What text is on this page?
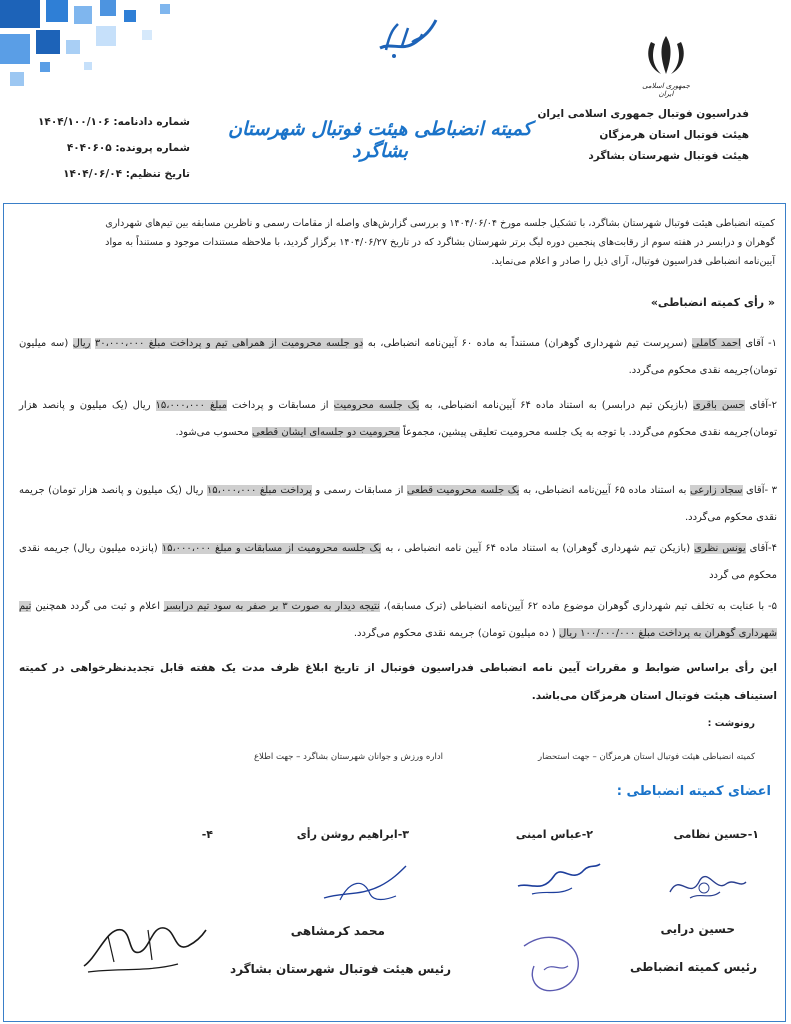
جمهوری اسلامی ایران
فدراسیون فوتبال جمهوری اسلامی ایران
هیئت فوتبال استان هرمزگان
هیئت فوتبال شهرستان بشاگرد
کمیته انضباطی هیئت فوتبال شهرستان بشاگرد
شماره دادنامه: ۱۴۰۴/۱۰۰/۱۰۶
شماره پرونده: ۴۰۴۰۶۰۵
تاریخ تنظیم: ۱۴۰۴/۰۶/۰۴
کمیته انضباطی هیئت فوتبال شهرستان بشاگرد، با تشکیل جلسه مورخ ۱۴۰۴/۰۶/۰۴ و بررسی گزارش‌های واصله از مقامات رسمی و ناظرین مسابقه بین تیم‌های شهرداری
گوهران و درابسر در هفته سوم از رقابت‌های پنجمین دوره لیگ برتر شهرستان بشاگرد که در تاریخ ۱۴۰۴/۰۶/۲۷ برگزار گردید، با ملاحظه مستندات موجود و مستنداً به مواد
آیین‌نامه انضباطی فدراسیون فوتبال، آرای ذیل را صادر و اعلام می‌نماید.
« رأی کمیته انضباطی»
۱- آقای احمد کاملی (سرپرست تیم شهرداری گوهران) مستنداً به ماده ۶۰ آیین‌نامه انضباطی، به دو جلسه محرومیت از همراهی تیم و پرداخت مبلغ ۳۰،۰۰۰،۰۰۰ ریال (سه میلیون تومان)جریمه نقدی محکوم می‌گردد.
۲-آقای حسن باقری (بازیکن تیم درابسر) به استناد ماده ۶۴ آیین‌نامه انضباطی، به یک جلسه محرومیت از مسابقات و پرداخت مبلغ ۱۵،۰۰۰،۰۰۰ ریال (یک میلیون و پانصد هزار تومان)جریمه نقدی محکوم می‌گردد. با توجه به یک جلسه محرومیت تعلیقی پیشین، مجموعاً محرومیت دو جلسه‌ای ایشان قطعی محسوب می‌شود.
۳ -آقای سجاد زارعی به استناد ماده ۶۵ آیین‌نامه انضباطی، به یک جلسه محرومیت قطعی از مسابقات رسمی و پرداخت مبلغ ۱۵،۰۰۰،۰۰۰ ریال (یک میلیون و پانصد هزار تومان) جریمه نقدی محکوم می‌گردد.
۴-آقای یونس نظری (بازیکن تیم شهرداری گوهران) به استناد ماده ۶۴ آیین نامه انضباطی ، به یک جلسه محرومیت از مسابقات و مبلغ ۱۵،۰۰۰،۰۰۰ (پانزده میلیون ریال) جریمه نقدی محکوم می گردد
۵- با عنایت به تخلف تیم شهرداری گوهران موضوع ماده ۶۲ آیین‌نامه انضباطی (ترک مسابقه)، نتیجه دیدار به صورت ۳ بر صفر به سود تیم درابسر اعلام و ثبت می گردد همچنین تیم شهرداری گوهران به پرداخت مبلغ ۱۰۰/۰۰۰/۰۰۰ ریال ( ده میلیون تومان) جریمه نقدی محکوم می‌گردد.
این رأی براساس ضوابط و مقررات آیین نامه انضباطی فدراسیون فوتبال از تاریخ ابلاغ ظرف مدت یک هفته قابل تجدیدنظرخواهی در کمیته استیناف هیئت فوتبال استان هرمزگان می‌باشد.
رونوشت :
کمیته انضباطی هیئت فوتبال استان هرمزگان – جهت استحضار
اداره ورزش و جوانان شهرستان بشاگرد – جهت اطلاع
اعضای کمیته انضباطی :
۱-حسین نظامی
۲-عباس امینی
۳-ابراهیم روشن رأی
۴-
حسین درایی
رئیس کمیته انضباطی
محمد کرمشاهی
رئیس هیئت فوتبال شهرستان بشاگرد
